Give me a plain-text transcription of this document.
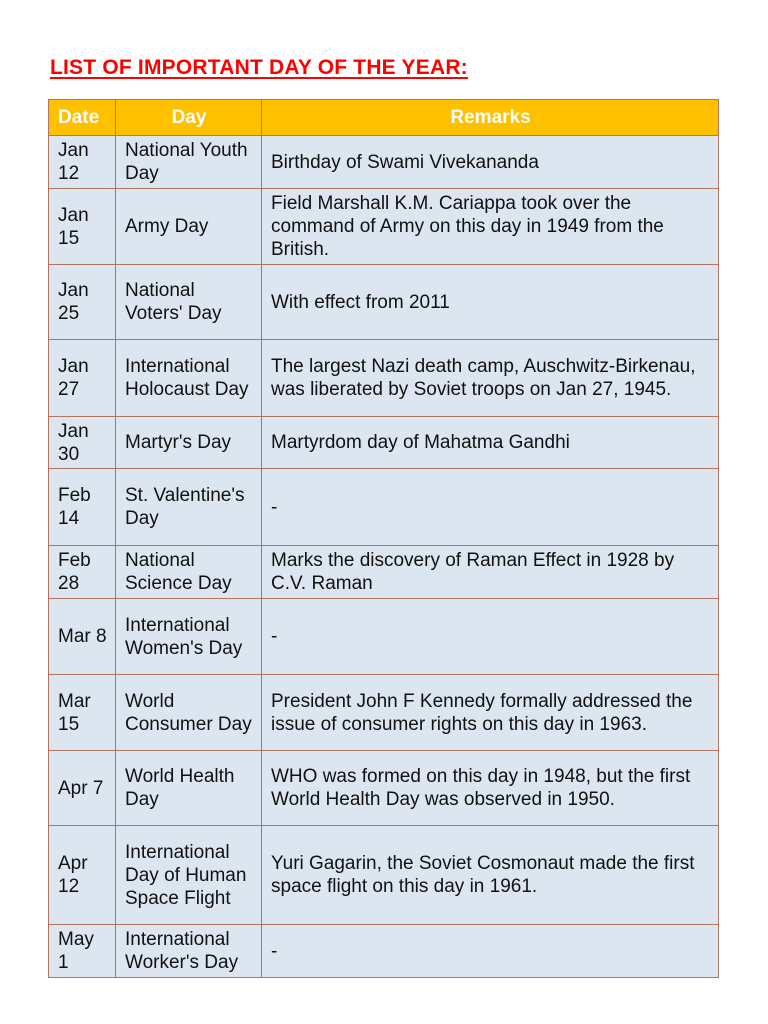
LIST OF IMPORTANT DAY OF THE YEAR:
Date	Day	Remarks
Jan 12	National Youth Day	Birthday of Swami Vivekananda
Jan 15	Army Day	Field Marshall K.M. Cariappa took over the command of Army on this day in 1949 from the British.
Jan 25	National Voters' Day	With effect from 2011
Jan 27	International Holocaust Day	The largest Nazi death camp, Auschwitz-Birkenau, was liberated by Soviet troops on Jan 27, 1945.
Jan 30	Martyr's Day	Martyrdom day of Mahatma Gandhi
Feb 14	St. Valentine's Day	-
Feb 28	National Science Day	Marks the discovery of Raman Effect in 1928 by C.V. Raman
Mar 8	International Women's Day	-
Mar 15	World Consumer Day	President John F Kennedy formally addressed the issue of consumer rights on this day in 1963.
Apr 7	World Health Day	WHO was formed on this day in 1948, but the first World Health Day was observed in 1950.
Apr 12	International Day of Human Space Flight	Yuri Gagarin, the Soviet Cosmonaut made the first space flight on this day in 1961.
May 1	International Worker's Day	-
